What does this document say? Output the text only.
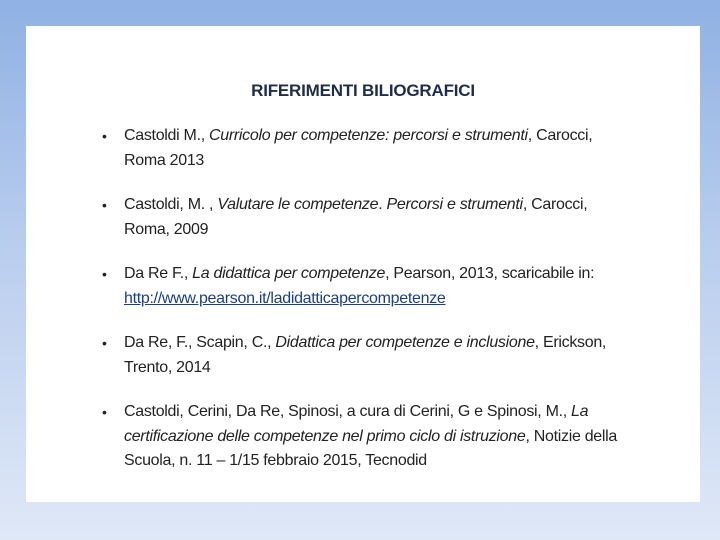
RIFERIMENTI BILIOGRAFICI
• Castoldi M., Curricolo per competenze: percorsi e strumenti, Carocci, Roma 2013
• Castoldi, M. , Valutare le competenze. Percorsi e strumenti, Carocci, Roma, 2009
• Da Re F., La didattica per competenze, Pearson, 2013, scaricabile in: http://www.pearson.it/ladidatticapercompetenze
• Da Re, F., Scapin, C., Didattica per competenze e inclusione, Erickson, Trento, 2014
• Castoldi, Cerini, Da Re, Spinosi, a cura di Cerini, G e Spinosi, M., La certificazione delle competenze nel primo ciclo di istruzione, Notizie della Scuola, n. 11 – 1/15 febbraio 2015, Tecnodid
